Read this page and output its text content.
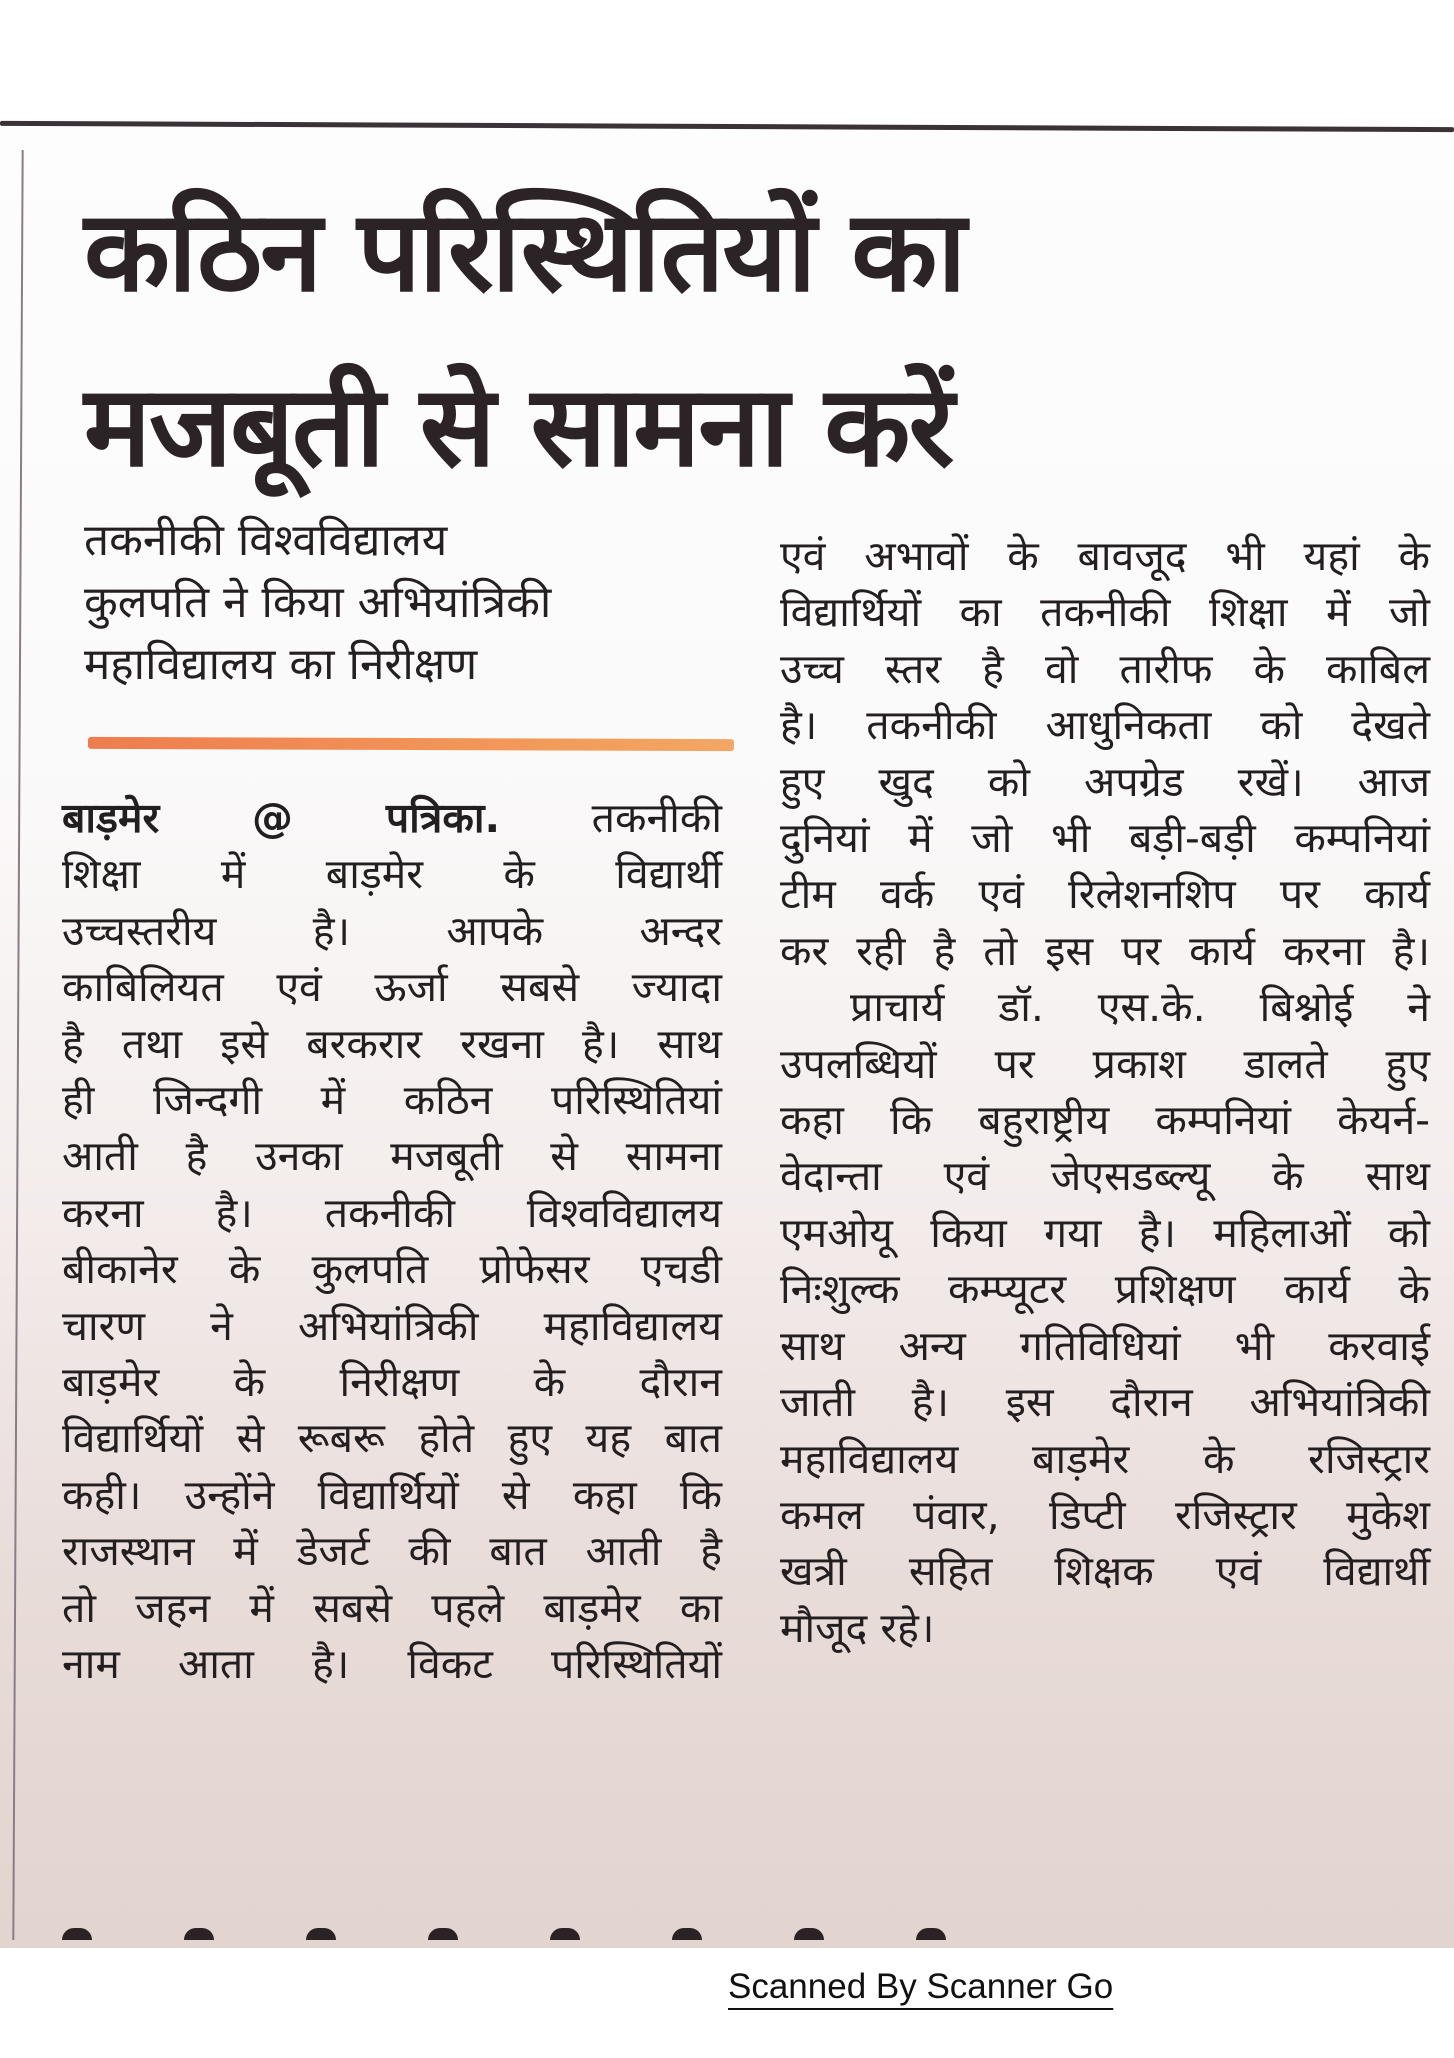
कठिन परिस्थितियों का
मजबूती से सामना करें
तकनीकी विश्वविद्यालय
कुलपति ने किया अभियांत्रिकी
महाविद्यालय का निरीक्षण
बाड़मेर @ पत्रिका. तकनीकी
शिक्षा में बाड़मेर के विद्यार्थी
उच्चस्तरीय है। आपके अन्दर
काबिलियत एवं ऊर्जा सबसे ज्यादा
है तथा इसे बरकरार रखना है। साथ
ही जिन्दगी में कठिन परिस्थितियां
आती है उनका मजबूती से सामना
करना है। तकनीकी विश्वविद्यालय
बीकानेर के कुलपति प्रोफेसर एचडी
चारण ने अभियांत्रिकी महाविद्यालय
बाड़मेर के निरीक्षण के दौरान
विद्यार्थियों से रूबरू होते हुए यह बात
कही। उन्होंने विद्यार्थियों से कहा कि
राजस्थान में डेजर्ट की बात आती है
तो जहन में सबसे पहले बाड़मेर का
नाम आता है। विकट परिस्थितियों
एवं अभावों के बावजूद भी यहां के
विद्यार्थियों का तकनीकी शिक्षा में जो
उच्च स्तर है वो तारीफ के काबिल
है। तकनीकी आधुनिकता को देखते
हुए खुद को अपग्रेड रखें। आज
दुनियां में जो भी बड़ी-बड़ी कम्पनियां
टीम वर्क एवं रिलेशनशिप पर कार्य
कर रही है तो इस पर कार्य करना है।
प्राचार्य डॉ. एस.के. बिश्नोई ने
उपलब्धियों पर प्रकाश डालते हुए
कहा कि बहुराष्ट्रीय कम्पनियां केयर्न-
वेदान्ता एवं जेएसडब्ल्यू के साथ
एमओयू किया गया है। महिलाओं को
निःशुल्क कम्प्यूटर प्रशिक्षण कार्य के
साथ अन्य गतिविधियां भी करवाई
जाती है। इस दौरान अभियांत्रिकी
महाविद्यालय बाड़मेर के रजिस्ट्रार
कमल पंवार, डिप्टी रजिस्ट्रार मुकेश
खत्री सहित शिक्षक एवं विद्यार्थी
मौजूद रहे।

Scanned By Scanner Go
